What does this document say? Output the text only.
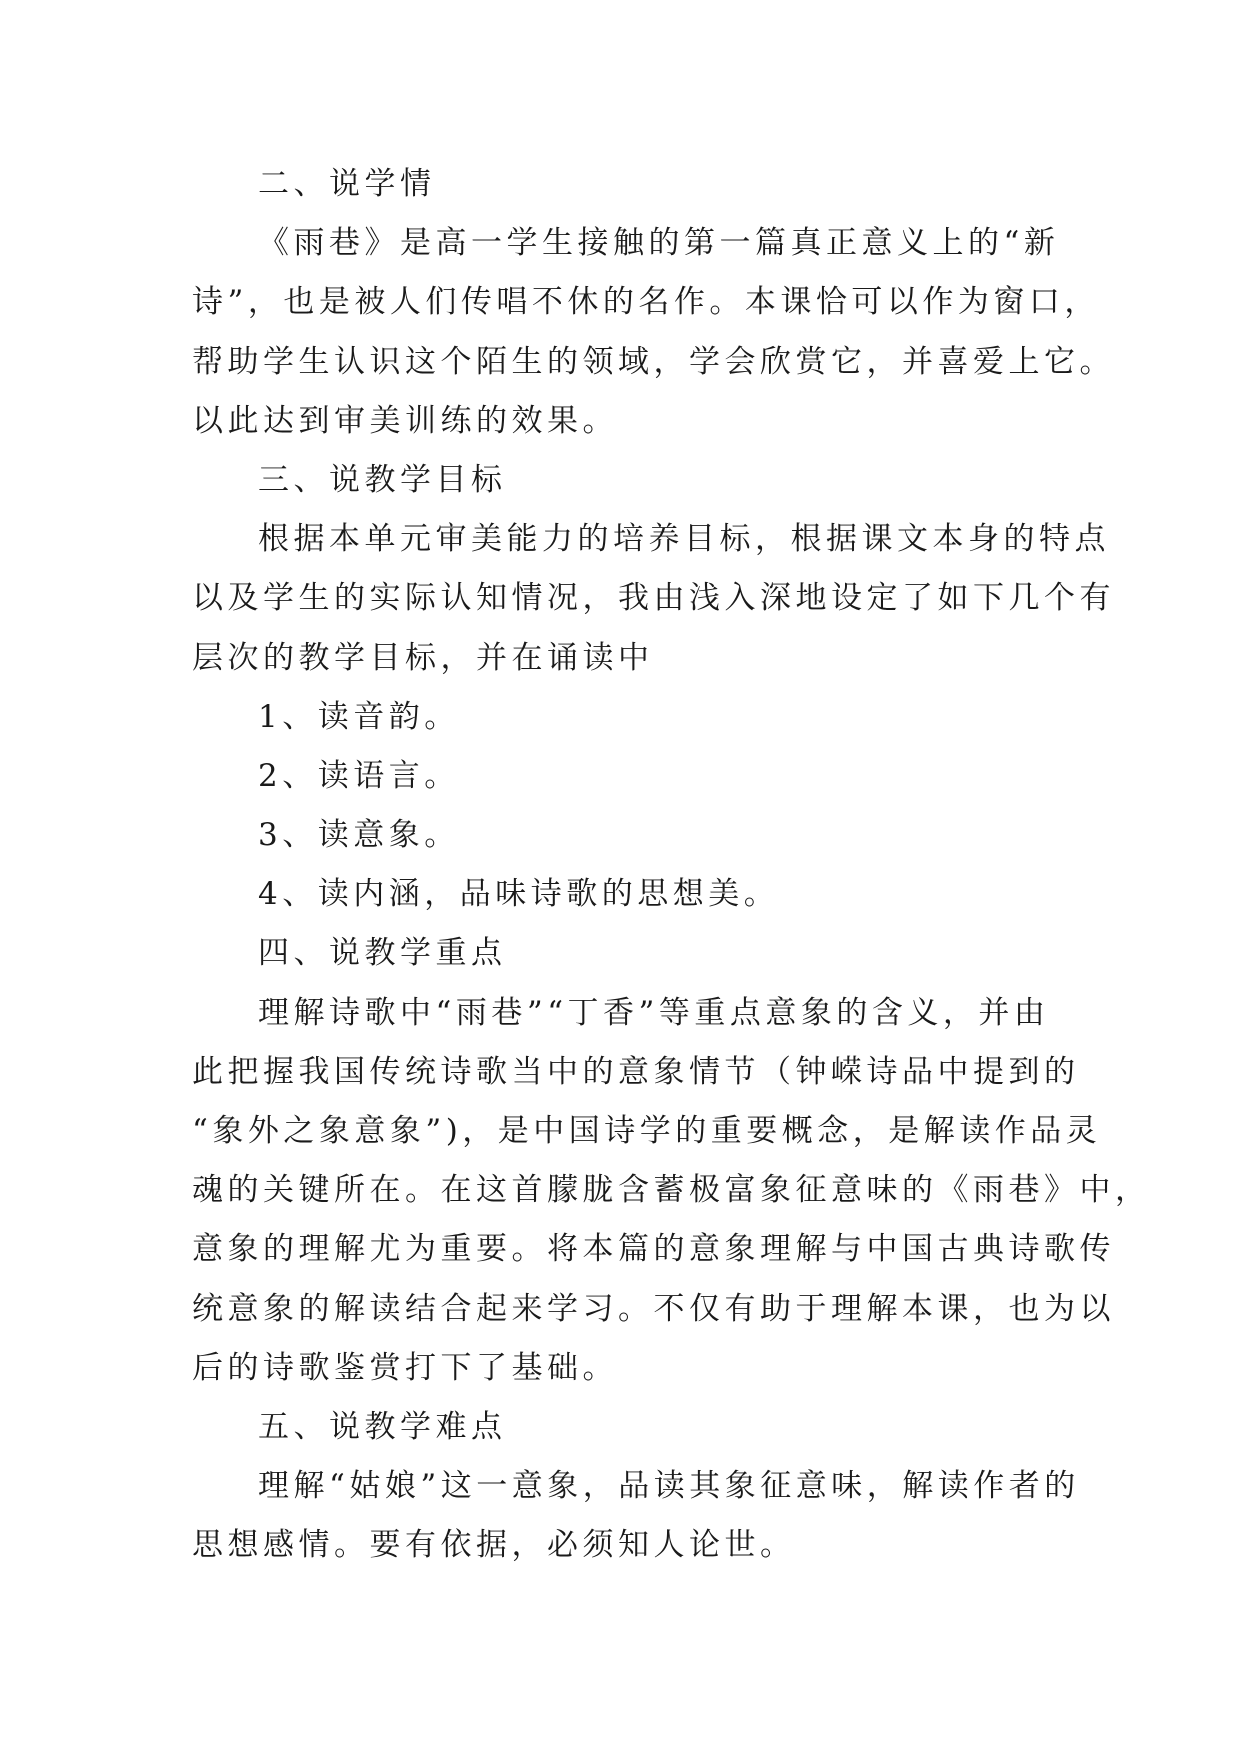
二、说学情
《雨巷》是高一学生接触的第一篇真正意义上的“新
诗”，也是被人们传唱不休的名作。本课恰可以作为窗口，
帮助学生认识这个陌生的领域，学会欣赏它，并喜爱上它。
以此达到审美训练的效果。
三、说教学目标
根据本单元审美能力的培养目标，根据课文本身的特点
以及学生的实际认知情况，我由浅入深地设定了如下几个有
层次的教学目标，并在诵读中
1、读音韵。
2、读语言。
3、读意象。
4、读内涵，品味诗歌的思想美。
四、说教学重点
理解诗歌中“雨巷”“丁香”等重点意象的含义，并由
此把握我国传统诗歌当中的意象情节（钟嵘诗品中提到的
“象外之象意象”)，是中国诗学的重要概念，是解读作品灵
魂的关键所在。在这首朦胧含蓄极富象征意味的《雨巷》中，
意象的理解尤为重要。将本篇的意象理解与中国古典诗歌传
统意象的解读结合起来学习。不仅有助于理解本课，也为以
后的诗歌鉴赏打下了基础。
五、说教学难点
理解“姑娘”这一意象，品读其象征意味，解读作者的
思想感情。要有依据，必须知人论世。
